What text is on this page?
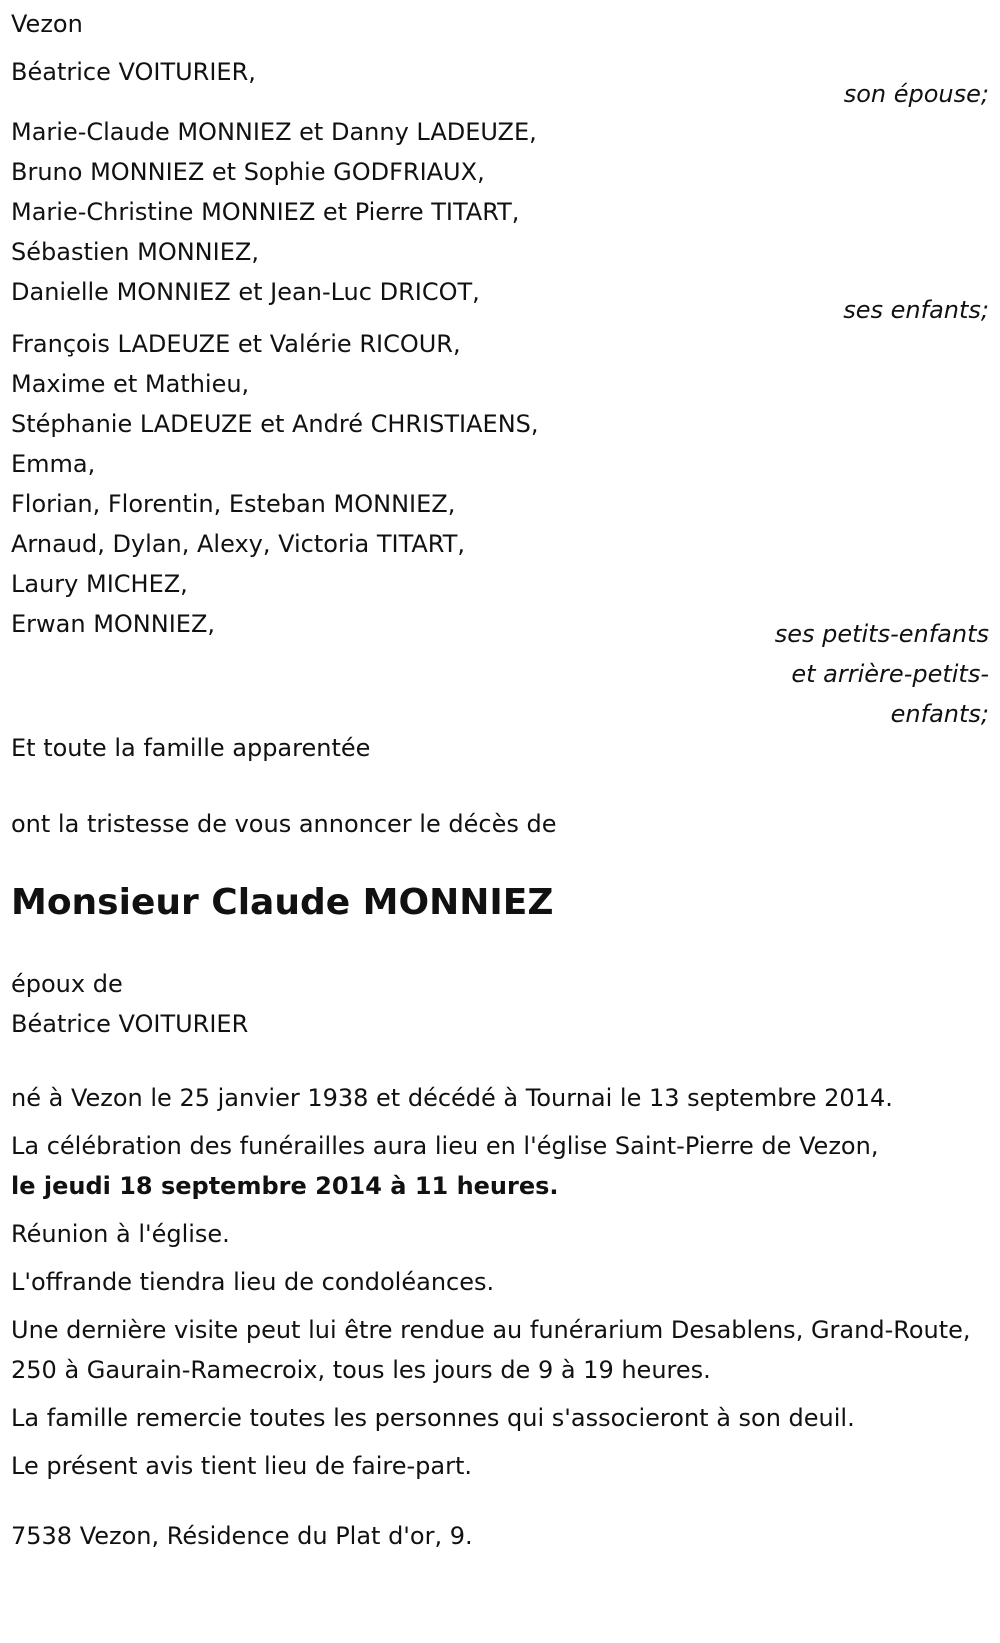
Vezon
Béatrice VOITURIER,
son épouse;
Marie-Claude MONNIEZ et Danny LADEUZE,
Bruno MONNIEZ et Sophie GODFRIAUX,
Marie-Christine MONNIEZ et Pierre TITART,
Sébastien MONNIEZ,
Danielle MONNIEZ et Jean-Luc DRICOT,
ses enfants;
François LADEUZE et Valérie RICOUR,
Maxime et Mathieu,
Stéphanie LADEUZE et André CHRISTIAENS,
Emma,
Florian, Florentin, Esteban MONNIEZ,
Arnaud, Dylan, Alexy, Victoria TITART,
Laury MICHEZ,
Erwan MONNIEZ,	ses petits-enfants
et arrière-petits-
enfants;
Et toute la famille apparentée
ont la tristesse de vous annoncer le décès de
Monsieur Claude MONNIEZ
époux de
Béatrice VOITURIER
né à Vezon le 25 janvier 1938 et décédé à Tournai le 13 septembre 2014.
La célébration des funérailles aura lieu en l'église Saint-Pierre de Vezon,
le jeudi 18 septembre 2014 à 11 heures.
Réunion à l'église.
L'offrande tiendra lieu de condoléances.
Une dernière visite peut lui être rendue au funérarium Desablens, Grand-Route, 250 à Gaurain-Ramecroix, tous les jours de 9 à 19 heures.
La famille remercie toutes les personnes qui s'associeront à son deuil.
Le présent avis tient lieu de faire-part.
7538 Vezon, Résidence du Plat d'or, 9.
